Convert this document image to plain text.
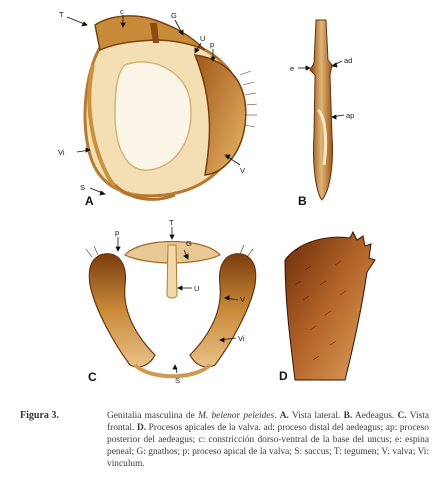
T	c	G
U
p
Vi
V
S
A
e
ad
ap
B
p
T
G
U
V
Vi
S
C	D
Figura 3.	Genitalia masculina de M. belenor peleides. A. Vista lateral. B. Aedeagus. C. Vista frontal. D. Procesos apicales de la valva. ad: proceso distal del aedeagus; ap: proceso posterior del aedeagus; c: constricción dorso-ventral de la base del uncus; e: espina peneal; G: gnathos; p: proceso apical de la valva; S: saccus; T: tegumen; V: valva; Vi: vinculum.
